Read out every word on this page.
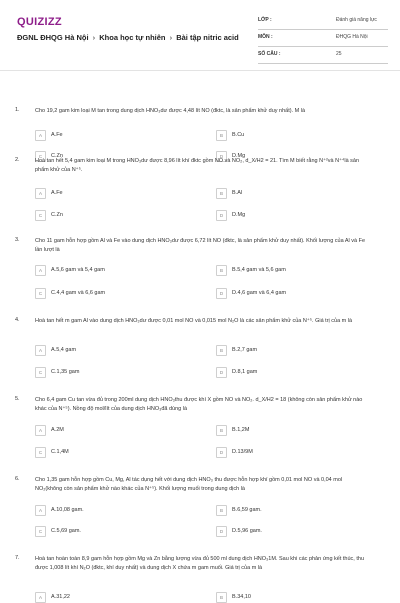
QUIZIZZ
ĐGNL ĐHQG Hà Nội › Khoa học tự nhiên › Bài tập nitric acid
LỚP :	Đánh giá năng lực
MÔN :	ĐHQG Hà Nội
SỐ CÂU :	25
1.	Cho 19,2 gam kim loại M tan trong dung dịch HNO₃dư được 4,48 lít NO (đktc, là sản phẩm khử duy nhất). M là
A	A.Fe	B	B.Cu
C	C.Zn	D	D.Mg
2.	Hoà tan hết 5,4 gam kim loại M trong HNO₃dư được 8,96 lít khí đktc gồm NO và NO₂, d_X/H2 = 21. Tìm M biết rằng N⁺²và N⁺⁴là sản phẩm khử của N⁺⁵.
A	A.Fe	B	B.Al
C	C.Zn	D	D.Mg
3.	Cho 11 gam hỗn hợp gồm Al và Fe vào dung dịch HNO₃dư được 6,72 lít NO (đktc, là sản phẩm khử duy nhất). Khối lượng của Al và Fe lần lượt là
A	A.5,6 gam và 5,4 gam	B	B.5,4 gam và 5,6 gam
C	C.4,4 gam và 6,6 gam	D	D.4,6 gam và 6,4 gam
4.	Hoà tan hết m gam Al vào dung dịch HNO₃dư được 0,01 mol NO và 0,015 mol N₂O là các sản phẩm khử của N⁺⁵. Giá trị của m là
A	A.5,4 gam	B	B.2,7 gam
C	C.1,35 gam	D	D.8,1 gam
5.	Cho 6,4 gam Cu tan vừa đủ trong 200ml dung dịch HNO₃thu được khí X gồm NO và NO₂. d_X/H2 = 18 (không còn sản phẩm khử nào khác của N⁺⁵). Nồng độ mol/lít của dung dịch HNO₃đã dùng là
A	A.2M	B	B.1,2M
C	C.1,4M	D	D.13/9M
6.	Cho 1,35 gam hỗn hợp gồm Cu, Mg, Al tác dụng hết với dung dịch HNO₃ thu được hỗn hợp khí gồm 0,01 mol NO và 0,04 mol NO₂(không còn sản phẩm khử nào khác của N⁺⁵). Khối lượng muối trong dung dịch là
A	A.10,08 gam.	B	B.6,59 gam.
C	C.5,69 gam.	D	D.5,96 gam.
7.	Hoà tan hoàn toàn 8,9 gam hỗn hợp gồm Mg và Zn bằng lượng vừa đủ 500 ml dung dịch HNO₃1M. Sau khi các phản ứng kết thúc, thu được 1,008 lít khí N₂O (đktc, khí duy nhất) và dung dịch X chứa m gam muối. Giá trị của m là
A	A.31,22	B	B.34,10
